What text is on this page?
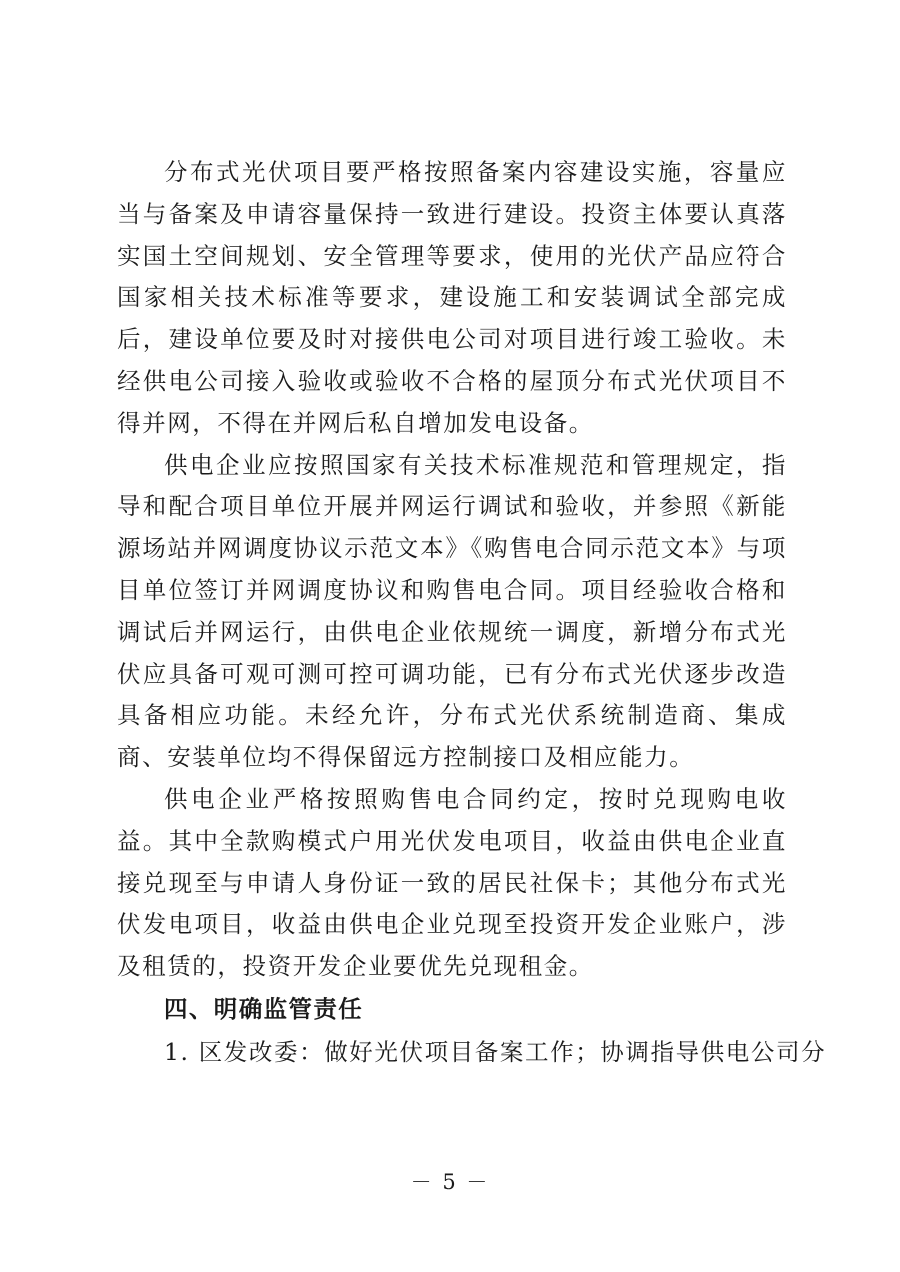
分布式光伏项目要严格按照备案内容建设实施，容量应当与备案及申请容量保持一致进行建设。投资主体要认真落实国土空间规划、安全管理等要求，使用的光伏产品应符合国家相关技术标准等要求，建设施工和安装调试全部完成后，建设单位要及时对接供电公司对项目进行竣工验收。未经供电公司接入验收或验收不合格的屋顶分布式光伏项目不得并网，不得在并网后私自增加发电设备。

供电企业应按照国家有关技术标准规范和管理规定，指导和配合项目单位开展并网运行调试和验收，并参照《新能源场站并网调度协议示范文本》《购售电合同示范文本》与项目单位签订并网调度协议和购售电合同。项目经验收合格和调试后并网运行，由供电企业依规统一调度，新增分布式光伏应具备可观可测可控可调功能，已有分布式光伏逐步改造具备相应功能。未经允许，分布式光伏系统制造商、集成商、安装单位均不得保留远方控制接口及相应能力。

供电企业严格按照购售电合同约定，按时兑现购电收益。其中全款购模式户用光伏发电项目，收益由供电企业直接兑现至与申请人身份证一致的居民社保卡；其他分布式光伏发电项目，收益由供电企业兑现至投资开发企业账户，涉及租赁的，投资开发企业要优先兑现租金。

四、明确监管责任

1. 区发改委：做好光伏项目备案工作；协调指导供电公司分

－ 5 －
